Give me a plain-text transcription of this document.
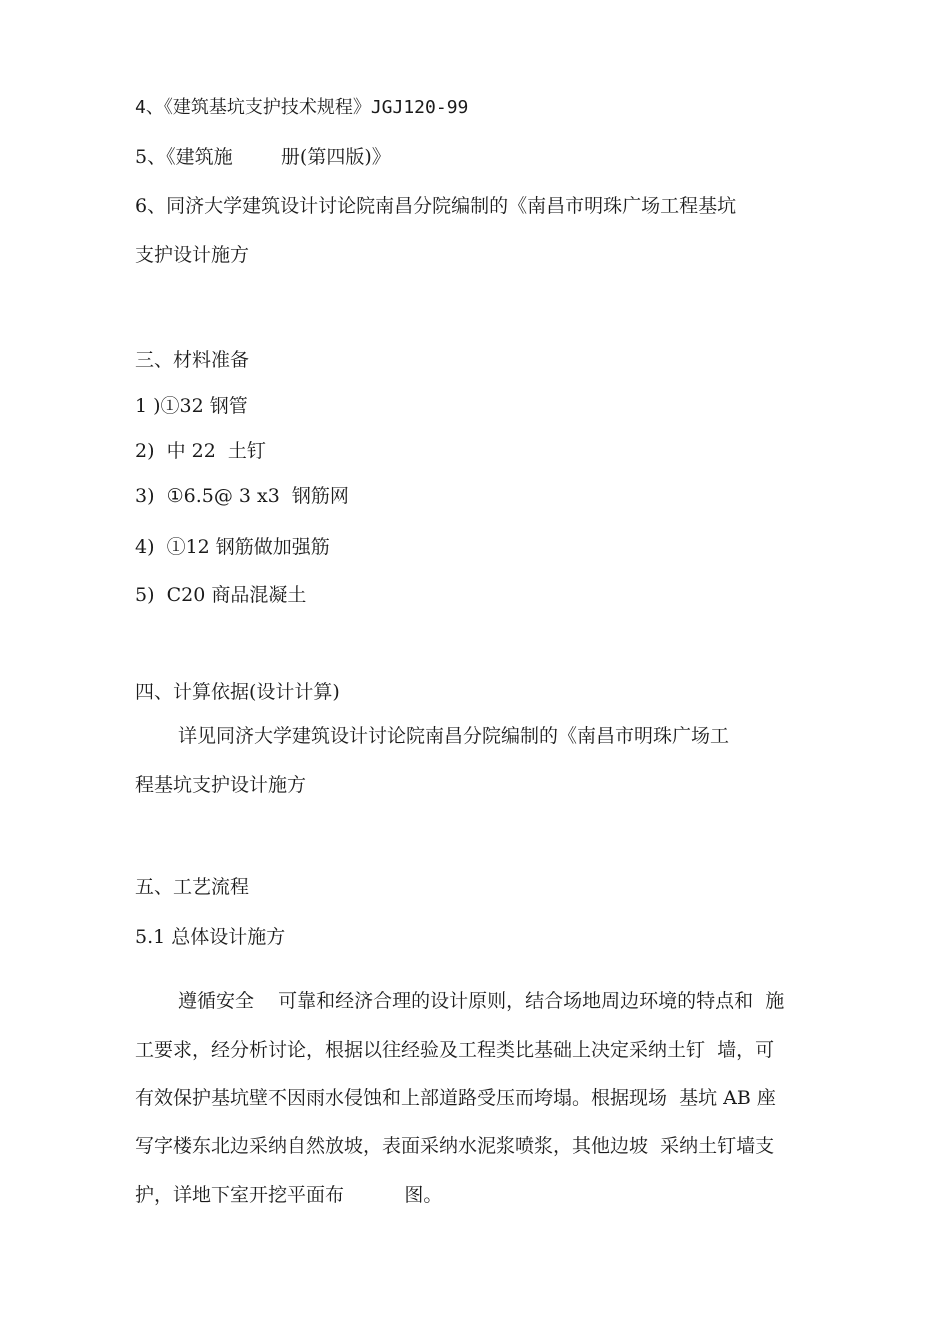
4、《建筑基坑支护技术规程》JGJ120-99
5、《建筑施        册(第四版)》
6、同济大学建筑设计讨论院南昌分院编制的《南昌市明珠广场工程基坑
支护设计施方
三、材料准备
1 )①32 钢管
2)  中 22  土钉
3)  ①6.5@ 3 x3  钢筋网
4)  ①12 钢筋做加强筋
5)  C20 商品混凝土
四、计算依据(设计计算)
详见同济大学建筑设计讨论院南昌分院编制的《南昌市明珠广场工
程基坑支护设计施方
五、工艺流程
5.1 总体设计施方
遵循安全    可靠和经济合理的设计原则，结合场地周边环境的特点和  施
工要求，经分析讨论，根据以往经验及工程类比基础上决定采纳土钉  墙，可
有效保护基坑壁不因雨水侵蚀和上部道路受压而垮塌。根据现场  基坑 AB 座
写字楼东北边采纳自然放坡，表面采纳水泥浆喷浆，其他边坡  采纳土钉墙支
护，详地下室开挖平面布          图。
